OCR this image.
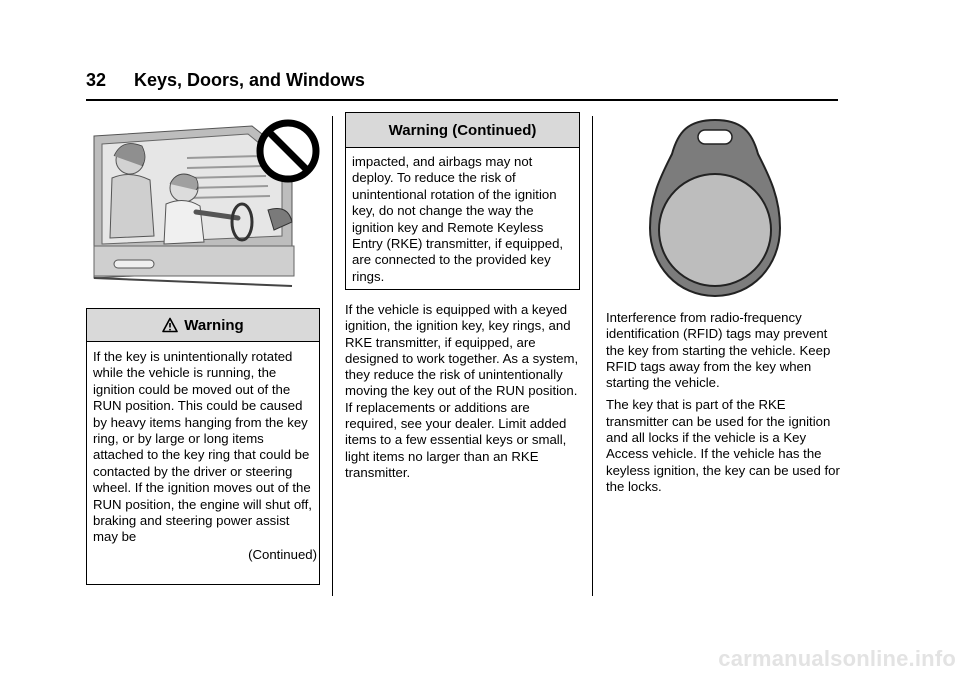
32 Keys, Doors, and Windows
Warning
If the key is unintentionally rotated while the vehicle is running, the ignition could be moved out of the RUN position. This could be caused by heavy items hanging from the key ring, or by large or long items attached to the key ring that could be contacted by the driver or steering wheel. If the ignition moves out of the RUN position, the engine will shut off, braking and steering power assist may be
(Continued)
Warning (Continued)
impacted, and airbags may not deploy. To reduce the risk of unintentional rotation of the ignition key, do not change the way the ignition key and Remote Keyless Entry (RKE) transmitter, if equipped, are connected to the provided key rings.

If the vehicle is equipped with a keyed ignition, the ignition key, key rings, and RKE transmitter, if equipped, are designed to work together. As a system, they reduce the risk of unintentionally moving the key out of the RUN position. If replacements or additions are required, see your dealer. Limit added items to a few essential keys or small, light items no larger than an RKE transmitter.

Interference from radio-frequency identification (RFID) tags may prevent the key from starting the vehicle. Keep RFID tags away from the key when starting the vehicle.

The key that is part of the RKE transmitter can be used for the ignition and all locks if the vehicle is a Key Access vehicle. If the vehicle has the keyless ignition, the key can be used for the locks.

carmanualsonline.info
